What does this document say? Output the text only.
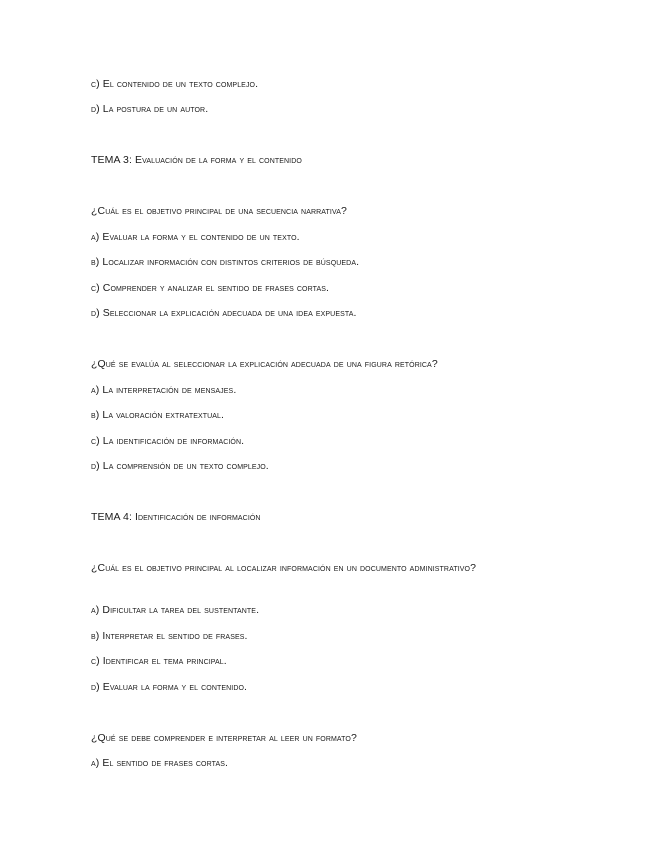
c) El contenido de un texto complejo.
d) La postura de un autor.
TEMA 3: Evaluación de la forma y el contenido
¿Cuál es el objetivo principal de una secuencia narrativa?
a) Evaluar la forma y el contenido de un texto.
b) Localizar información con distintos criterios de búsqueda.
c) Comprender y analizar el sentido de frases cortas.
d) Seleccionar la explicación adecuada de una idea expuesta.
¿Qué se evalúa al seleccionar la explicación adecuada de una figura retórica?
a) La interpretación de mensajes.
b) La valoración extratextual.
c) La identificación de información.
d) La comprensión de un texto complejo.
TEMA 4: Identificación de información
¿Cuál es el objetivo principal al localizar información en un documento administrativo?
a) Dificultar la tarea del sustentante.
b) Interpretar el sentido de frases.
c) Identificar el tema principal.
d) Evaluar la forma y el contenido.
¿Qué se debe comprender e interpretar al leer un formato?
a) El sentido de frases cortas.
